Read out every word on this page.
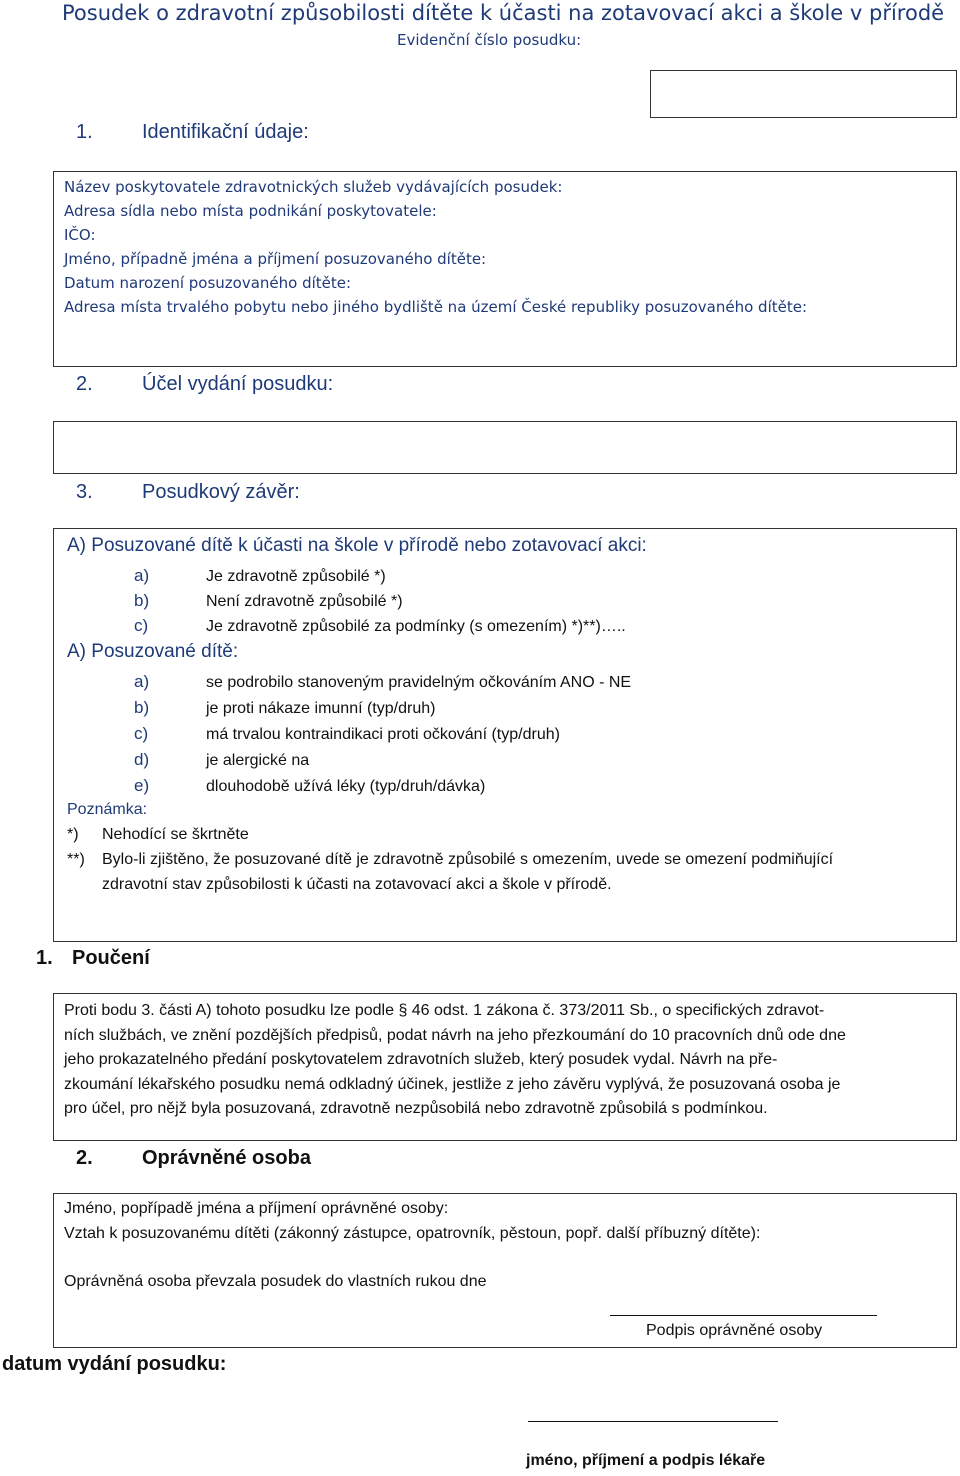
Posudek o zdravotní způsobilosti dítěte k účasti na zotavovací akci a škole v přírodě
Evidenční číslo posudku:
1. Identifikační údaje:
Název poskytovatele zdravotnických služeb vydávajících posudek:
Adresa sídla nebo místa podnikání poskytovatele:
IČO:
Jméno, případně jména a příjmení posuzovaného dítěte:
Datum narození posuzovaného dítěte:
Adresa místa trvalého pobytu nebo jiného bydliště na území České republiky posuzovaného dítěte:
2. Účel vydání posudku:
3. Posudkový závěr:
A) Posuzované dítě k účasti na škole v přírodě nebo zotavovací akci:
a)	Je zdravotně způsobilé *)
b)	Není zdravotně způsobilé *)
c)	Je zdravotně způsobilé za podmínky (s omezením) *)**)…..
A) Posuzované dítě:
a)	se podrobilo stanoveným pravidelným očkováním ANO - NE
b)	je proti nákaze imunní (typ/druh)
c)	má trvalou kontraindikaci proti očkování (typ/druh)
d)	je alergické na
e)	dlouhodobě užívá léky (typ/druh/dávka)
Poznámka:
*) Nehodící se škrtněte
**) Bylo-li zjištěno, že posuzované dítě je zdravotně způsobilé s omezením, uvede se omezení podmiňující
zdravotní stav způsobilosti k účasti na zotavovací akci a škole v přírodě.
1. Poučení
Proti bodu 3. části A) tohoto posudku lze podle § 46 odst. 1 zákona č. 373/2011 Sb., o specifických zdravot-
ních službách, ve znění pozdějších předpisů, podat návrh na jeho přezkoumání do 10 pracovních dnů ode dne
jeho prokazatelného předání poskytovatelem zdravotních služeb, který posudek vydal. Návrh na pře-
zkoumání lékařského posudku nemá odkladný účinek, jestliže z jeho závěru vyplývá, že posuzovaná osoba je
pro účel, pro nějž byla posuzovaná, zdravotně nezpůsobilá nebo zdravotně způsobilá s podmínkou.
2. Oprávněné osoba
Jméno, popřípadě jména a příjmení oprávněné osoby:
Vztah k posuzovanému dítěti (zákonný zástupce, opatrovník, pěstoun, popř. další příbuzný dítěte):
Oprávněná osoba převzala posudek do vlastních rukou dne
Podpis oprávněné osoby
datum vydání posudku:
jméno, příjmení a podpis lékaře
